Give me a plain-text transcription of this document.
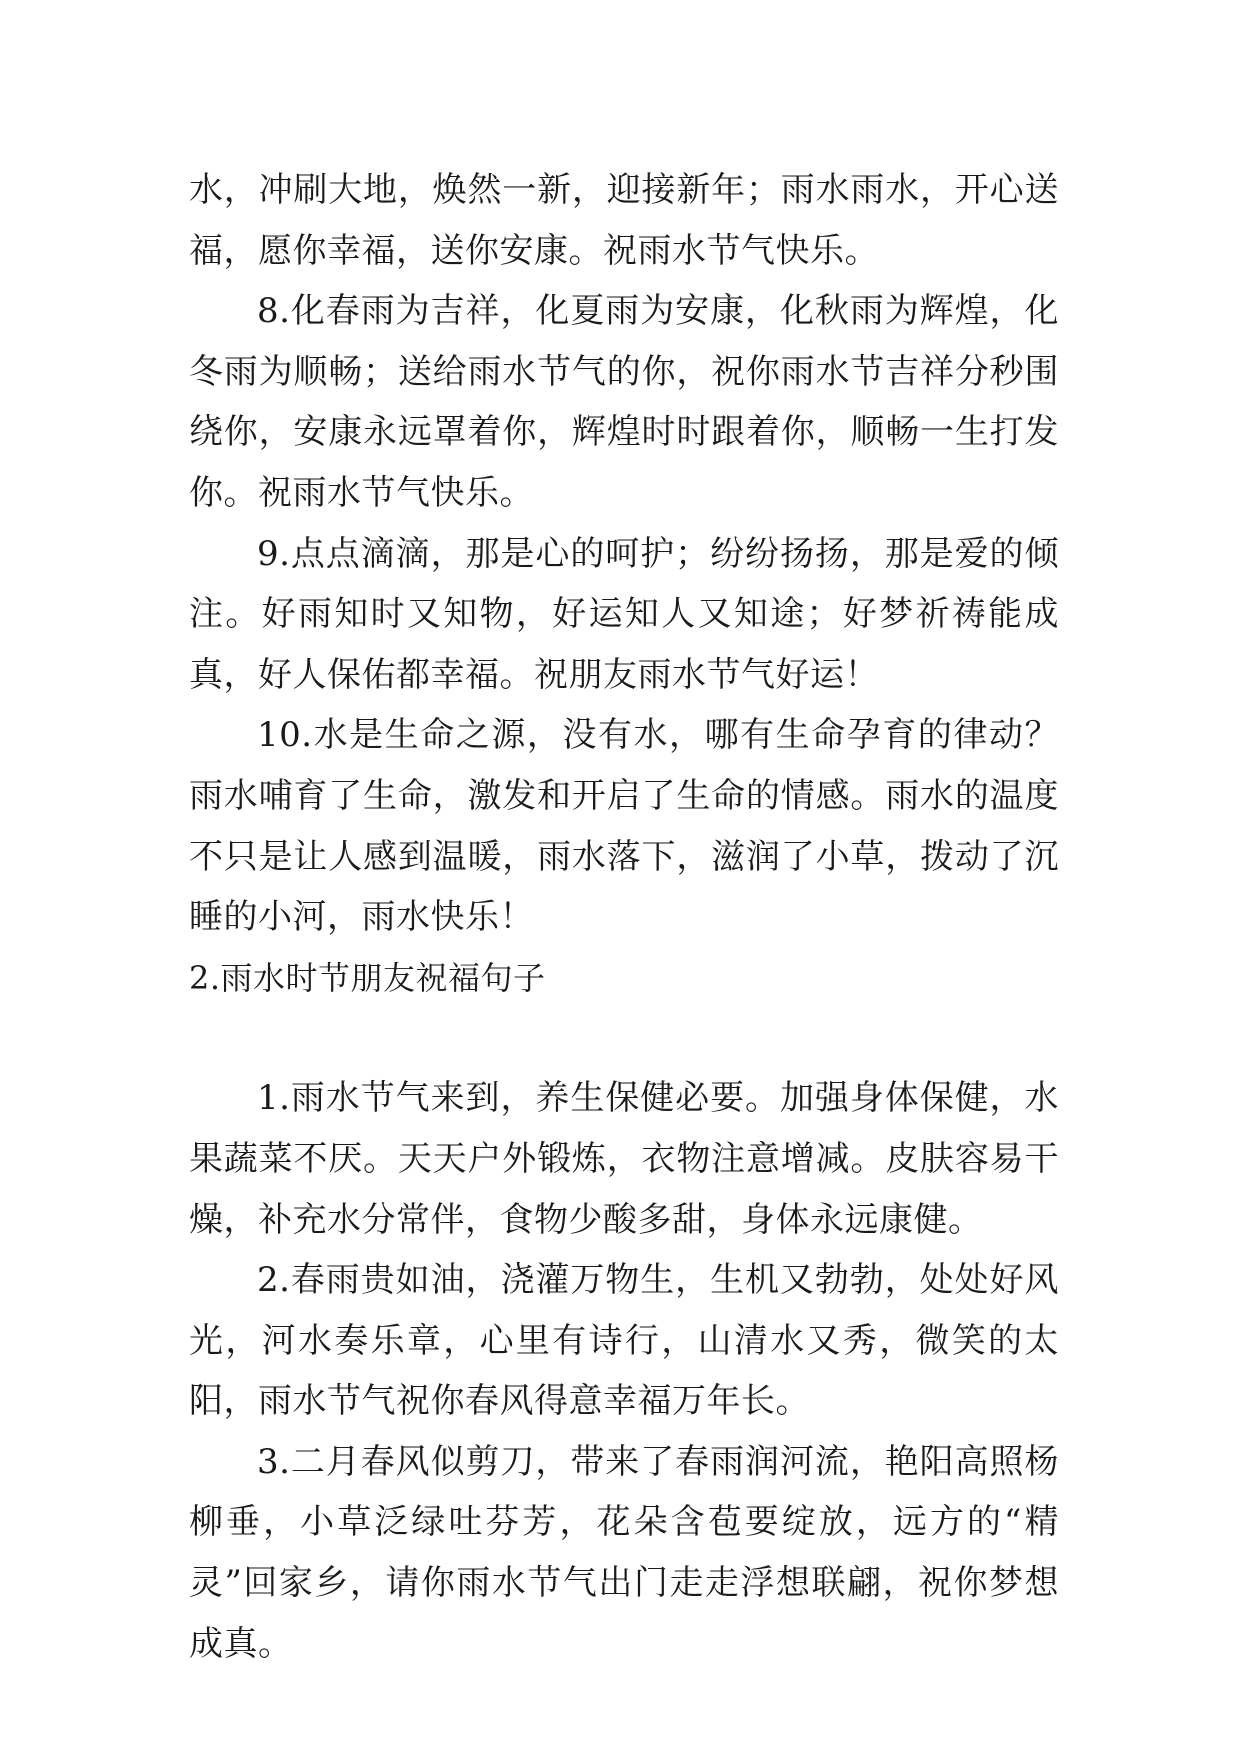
水，冲刷大地，焕然一新，迎接新年；雨水雨水，开心送福，愿你幸福，送你安康。祝雨水节气快乐。

8.化春雨为吉祥，化夏雨为安康，化秋雨为辉煌，化冬雨为顺畅；送给雨水节气的你，祝你雨水节吉祥分秒围绕你，安康永远罩着你，辉煌时时跟着你，顺畅一生打发你。祝雨水节气快乐。

9.点点滴滴，那是心的呵护；纷纷扬扬，那是爱的倾注。好雨知时又知物，好运知人又知途；好梦祈祷能成真，好人保佑都幸福。祝朋友雨水节气好运！

10.水是生命之源，没有水，哪有生命孕育的律动？雨水哺育了生命，激发和开启了生命的情感。雨水的温度不只是让人感到温暖，雨水落下，滋润了小草，拨动了沉睡的小河，雨水快乐！

2.雨水时节朋友祝福句子

1.雨水节气来到，养生保健必要。加强身体保健，水果蔬菜不厌。天天户外锻炼，衣物注意增减。皮肤容易干燥，补充水分常伴，食物少酸多甜，身体永远康健。

2.春雨贵如油，浇灌万物生，生机又勃勃，处处好风光，河水奏乐章，心里有诗行，山清水又秀，微笑的太阳，雨水节气祝你春风得意幸福万年长。

3.二月春风似剪刀，带来了春雨润河流，艳阳高照杨柳垂，小草泛绿吐芬芳，花朵含苞要绽放，远方的“精灵”回家乡，请你雨水节气出门走走浮想联翩，祝你梦想成真。
